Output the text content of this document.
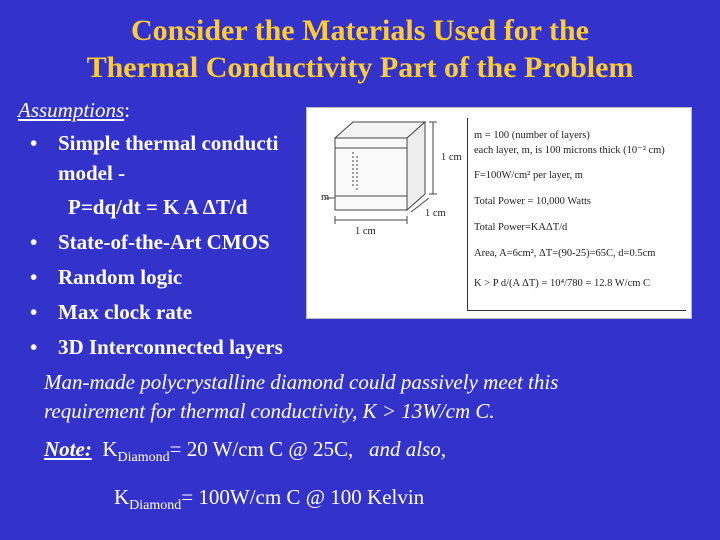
Consider the Materials Used for the
Thermal Conductivity Part of the Problem
Assumptions:
• Simple thermal conducti
model -
P=dq/dt = K A ΔT/d
• State-of-the-Art CMOS
• Random logic
• Max clock rate
• 3D Interconnected layers
Man-made polycrystalline diamond could passively meet this
requirement for thermal conductivity, K > 13W/cm C.
Note: $K_{Diamond}= 20$ W/cm C @ 25C, and also,
$K_{Diamond}= 100W/cm$ C @ 100 Kelvin
1 cm
1 cm
1 cm
m
m = 100 (number of layers)
each layer, m, is 100 microns thick (10⁻² cm)
F=100W/cm² per layer, m
Total Power = 10,000 Watts
Total Power=KAΔT/d
Area, A=6cm², ΔT=(90-25)=65C, d=0.5cm
K > P d/(A ΔT) = 10⁴/780 = 12.8 W/cm C
